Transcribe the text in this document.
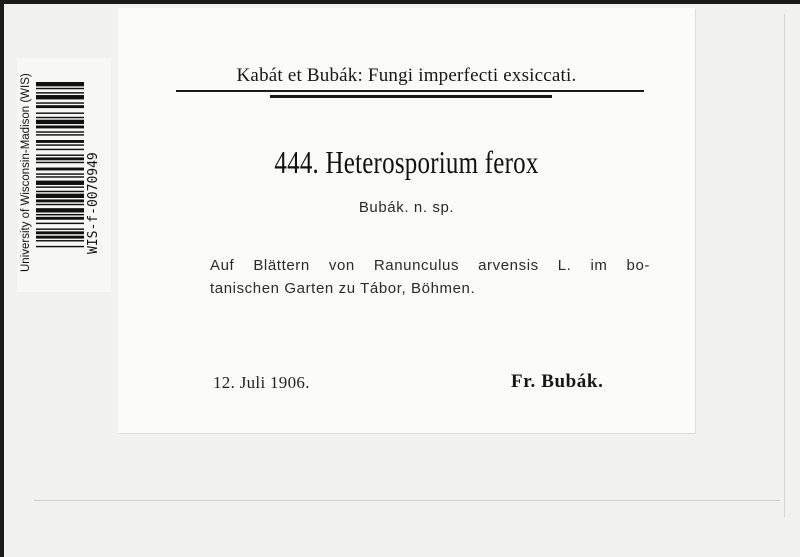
University of Wisconsin-Madison (WIS)	WIS-f-0070949
Kabát et Bubák: Fungi imperfecti exsiccati.
444. Heterosporium ferox
Bubák. n. sp.
Auf Blättern von Ranunculus arvensis L. im bo-
tanischen Garten zu Tábor, Böhmen.
12. Juli 1906.	Fr. Bubák.
